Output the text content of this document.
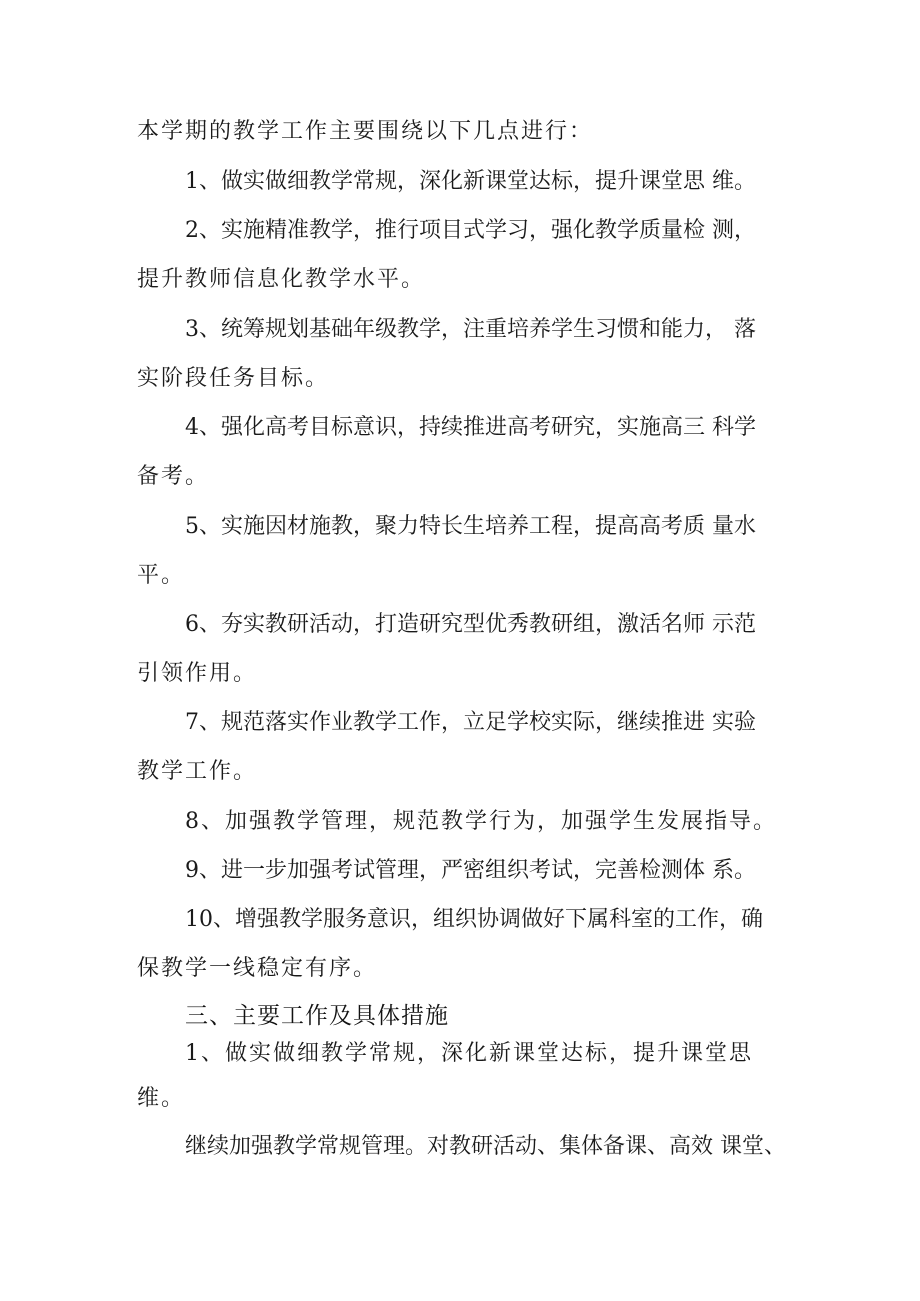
本学期的教学工作主要围绕以下几点进行：
1、做实做细教学常规，深化新课堂达标，提升课堂思 维。
2、实施精准教学，推行项目式学习，强化教学质量检 测，
提升教师信息化教学水平。
3、统筹规划基础年级教学，注重培养学生习惯和能力， 落
实阶段任务目标。
4、强化高考目标意识，持续推进高考研究，实施高三 科学
备考。
5、实施因材施教，聚力特长生培养工程，提高高考质 量水
平。
6、夯实教研活动，打造研究型优秀教研组，激活名师 示范
引领作用。
7、规范落实作业教学工作，立足学校实际，继续推进 实验
教学工作。
8、加强教学管理，规范教学行为，加强学生发展指导。
9、进一步加强考试管理，严密组织考试，完善检测体 系。
10、增强教学服务意识，组织协调做好下属科室的工作，确
保教学一线稳定有序。
三、主要工作及具体措施
1、做实做细教学常规，深化新课堂达标，提升课堂思
维。
继续加强教学常规管理。对教研活动、集体备课、高效 课堂、
